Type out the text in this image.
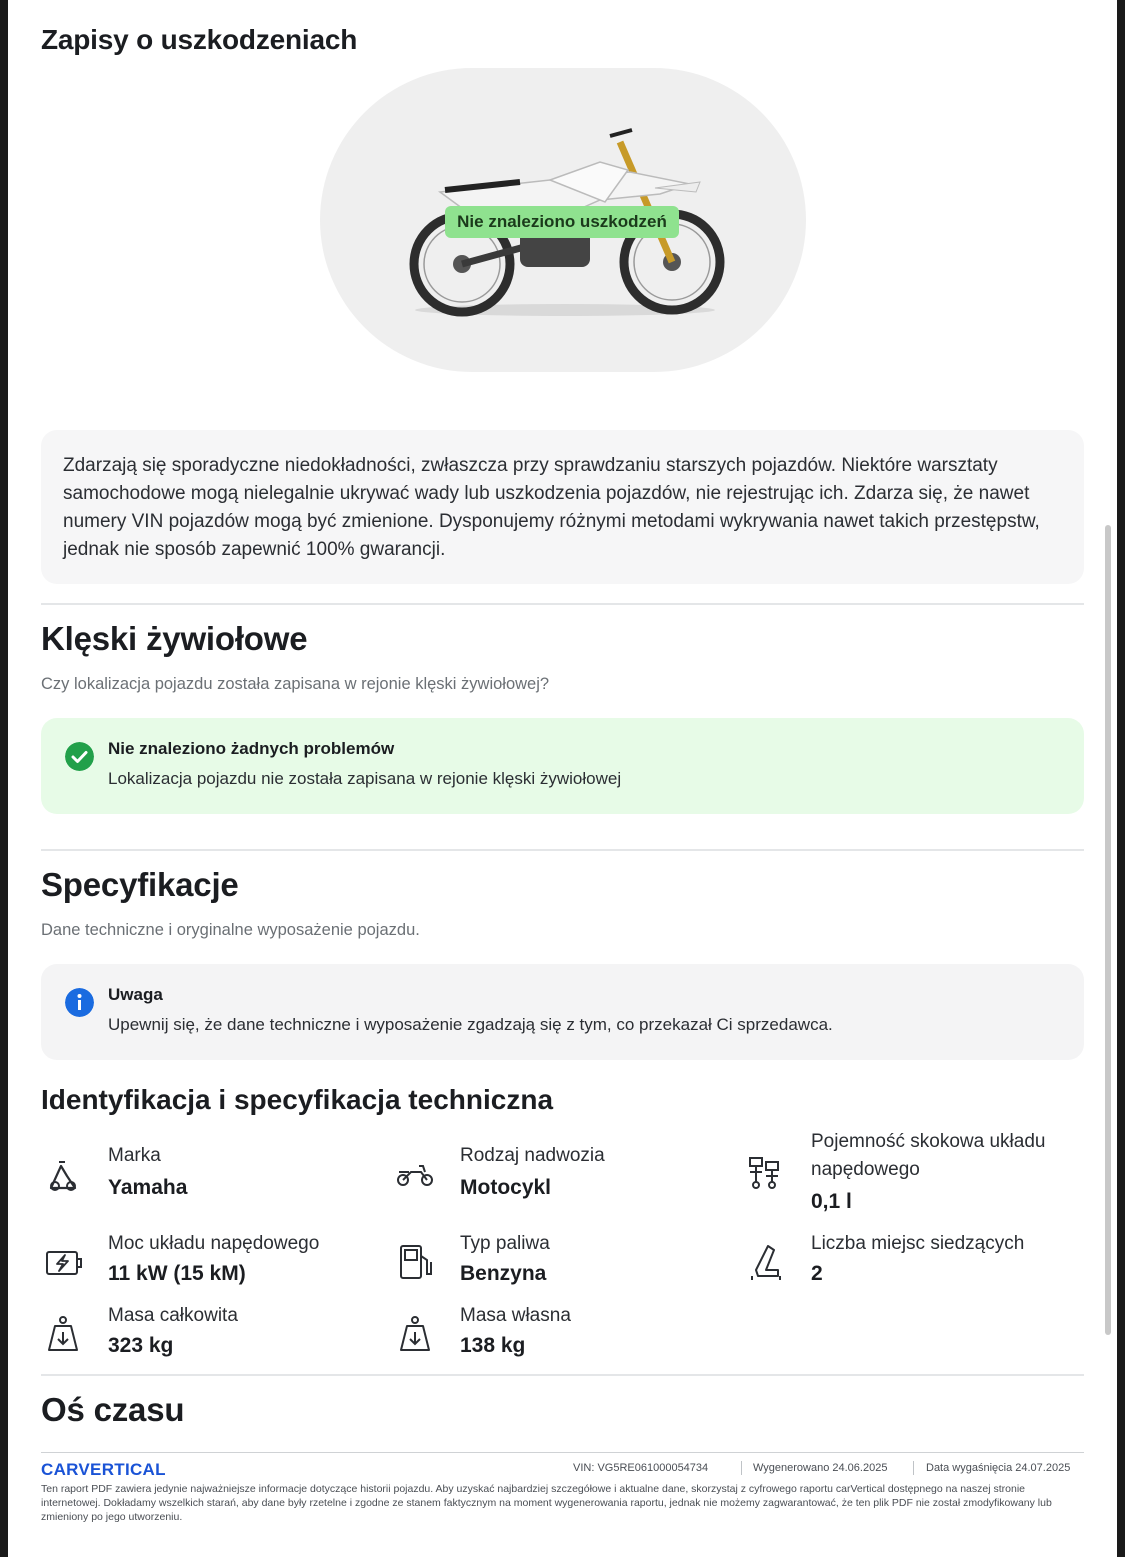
Zapisy o uszkodzeniach
Nie znaleziono uszkodzeń
Zdarzają się sporadyczne niedokładności, zwłaszcza przy sprawdzaniu starszych pojazdów. Niektóre warsztaty samochodowe mogą nielegalnie ukrywać wady lub uszkodzenia pojazdów, nie rejestrując ich. Zdarza się, że nawet numery VIN pojazdów mogą być zmienione. Dysponujemy różnymi metodami wykrywania nawet takich przestępstw, jednak nie sposób zapewnić 100% gwarancji.
Klęski żywiołowe
Czy lokalizacja pojazdu została zapisana w rejonie klęski żywiołowej?
Nie znaleziono żadnych problemów
Lokalizacja pojazdu nie została zapisana w rejonie klęski żywiołowej
Specyfikacje
Dane techniczne i oryginalne wyposażenie pojazdu.
Uwaga
Upewnij się, że dane techniczne i wyposażenie zgadzają się z tym, co przekazał Ci sprzedawca.
Identyfikacja i specyfikacja techniczna
Marka
Yamaha
Rodzaj nadwozia
Motocykl
Pojemność skokowa układu
napędowego
0,1 l
Moc układu napędowego
11 kW (15 kM)
Typ paliwa
Benzyna
Liczba miejsc siedzących
2
Masa całkowita
323 kg
Masa własna
138 kg
Oś czasu
CARVERTICAL	VIN: VG5RE061000054734	Wygenerowano 24.06.2025	Data wygaśnięcia 24.07.2025
Ten raport PDF zawiera jedynie najważniejsze informacje dotyczące historii pojazdu. Aby uzyskać najbardziej szczegółowe i aktualne dane, skorzystaj z cyfrowego raportu carVertical dostępnego na naszej stronie internetowej. Dokładamy wszelkich starań, aby dane były rzetelne i zgodne ze stanem faktycznym na moment wygenerowania raportu, jednak nie możemy zagwarantować, że ten plik PDF nie został zmodyfikowany lub zmieniony po jego utworzeniu.
